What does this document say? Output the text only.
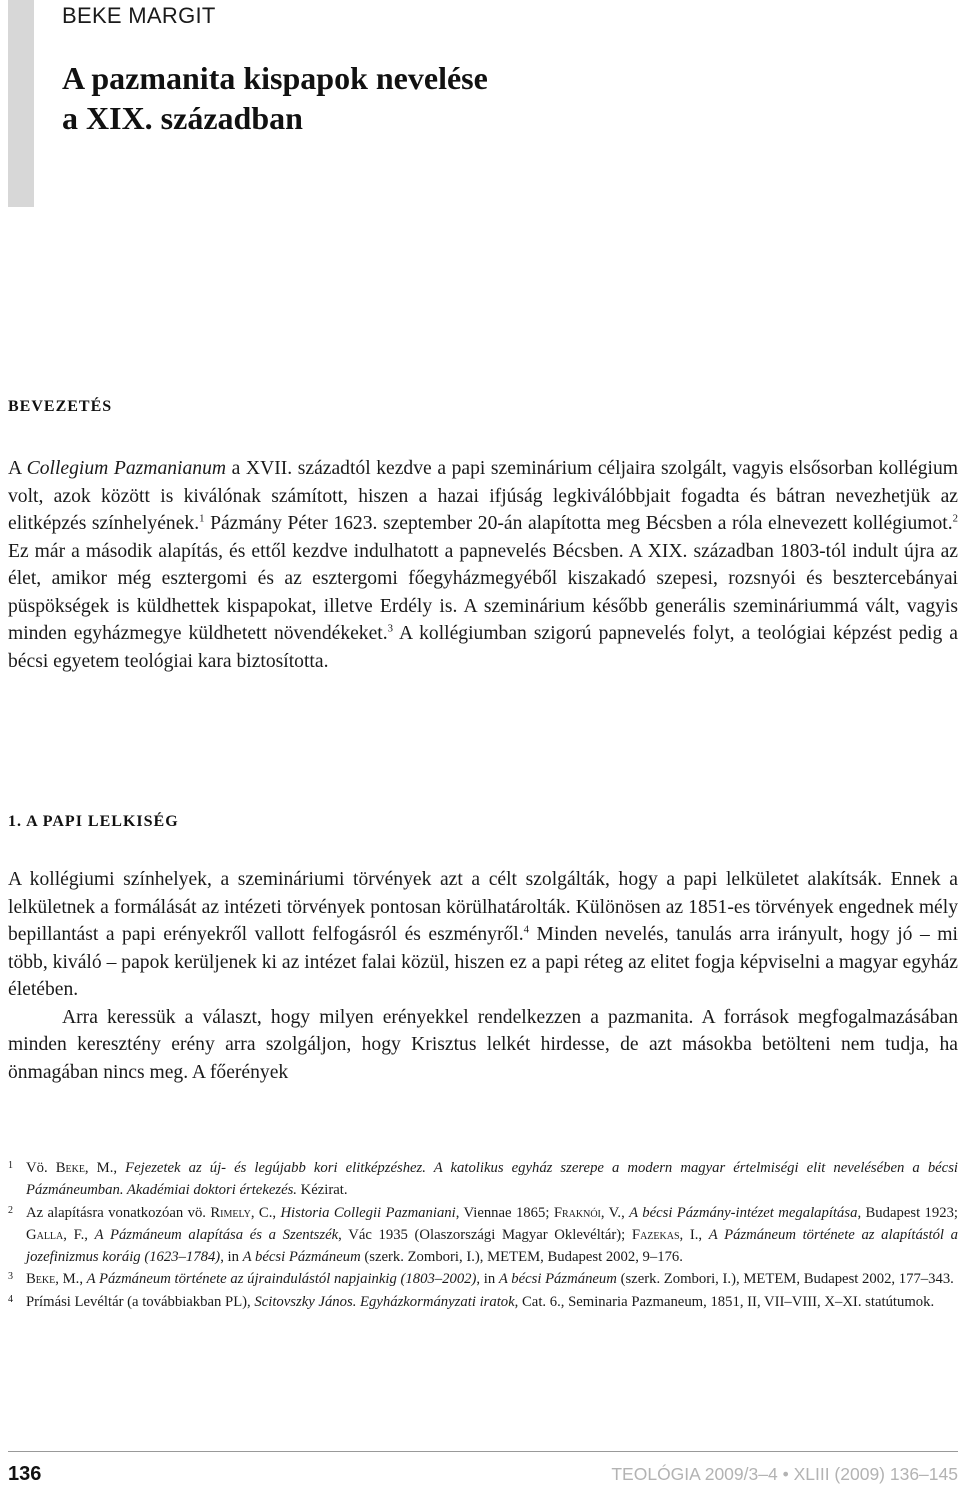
BEKE MARGIT
A pazmanita kispapok nevelése
a XIX. században
BEVEZETÉS

A Collegium Pazmanianum a XVII. századtól kezdve a papi szeminárium céljaira szolgált, vagyis elsősorban kollégium volt, azok között is kiválónak számított, hiszen a hazai ifjúság legkiválóbbjait fogadta és bátran nevezhetjük az elitképzés színhelyének.$^1$ Pázmány Péter 1623. szeptember 20-án alapította meg Bécsben a róla elnevezett kollégiumot.$^2$ Ez már a második alapítás, és ettől kezdve indulhatott a papnevelés Bécsben. A XIX. században 1803-tól indult újra az élet, amikor még esztergomi és az esztergomi főegyházmegyéből kiszakadó szepesi, rozsnyói és besztercebányai püspökségek is küldhettek kispapokat, illetve Erdély is. A szeminárium később generális szemináriummá vált, vagyis minden egyházmegye küldhetett növendékeket.$^3$ A kollégiumban szigorú papnevelés folyt, a teológiai képzést pedig a bécsi egyetem teológiai kara biztosította.

1. A PAPI LELKISÉG

A kollégiumi színhelyek, a szemináriumi törvények azt a célt szolgálták, hogy a papi lelkületet alakítsák. Ennek a lelkületnek a formálását az intézeti törvények pontosan körülhatárolták. Különösen az 1851-es törvények engednek mély bepillantást a papi erényekről vallott felfogásról és eszményről.$^4$ Minden nevelés, tanulás arra irányult, hogy jó – mi több, kiváló – papok kerüljenek ki az intézet falai közül, hiszen ez a papi réteg az elitet fogja képviselni a magyar egyház életében.
Arra keressük a választ, hogy milyen erényekkel rendelkezzen a pazmanita. A források megfogalmazásában minden keresztény erény arra szolgáljon, hogy Krisztus lelkét hirdesse, de azt másokba betölteni nem tudja, ha önmagában nincs meg. A főerények

1 Vö. Beke, M., Fejezetek az új- és legújabb kori elitképzéshez. A katolikus egyház szerepe a modern magyar értelmiségi elit nevelésében a bécsi Pázmáneumban. Akadémiai doktori értekezés. Kézirat.

2 Az alapításra vonatkozóan vö. Rimely, C., Historia Collegii Pazmaniani, Viennae 1865; Fraknói, V., A bécsi Pázmány-intézet megalapítása, Budapest 1923; Galla, F., A Pázmáneum alapítása és a Szentszék, Vác 1935 (Olaszországi Magyar Oklevéltár); Fazekas, I., A Pázmáneum története az alapítástól a jozefinizmus koráig (1623–1784), in A bécsi Pázmáneum (szerk. Zombori, I.), METEM, Budapest 2002, 9–176.

3 Beke, M., A Pázmáneum története az újraindulástól napjainkig (1803–2002), in A bécsi Pázmáneum (szerk. Zombori, I.), METEM, Budapest 2002, 177–343.

4 Prímási Levéltár (a továbbiakban PL), Scitovszky János. Egyházkormányzati iratok, Cat. 6., Seminaria Pazmaneum, 1851, II, VII–VIII, X–XI. statútumok.

136	TEOLÓGIA 2009/3–4 • XLIII (2009) 136–145
